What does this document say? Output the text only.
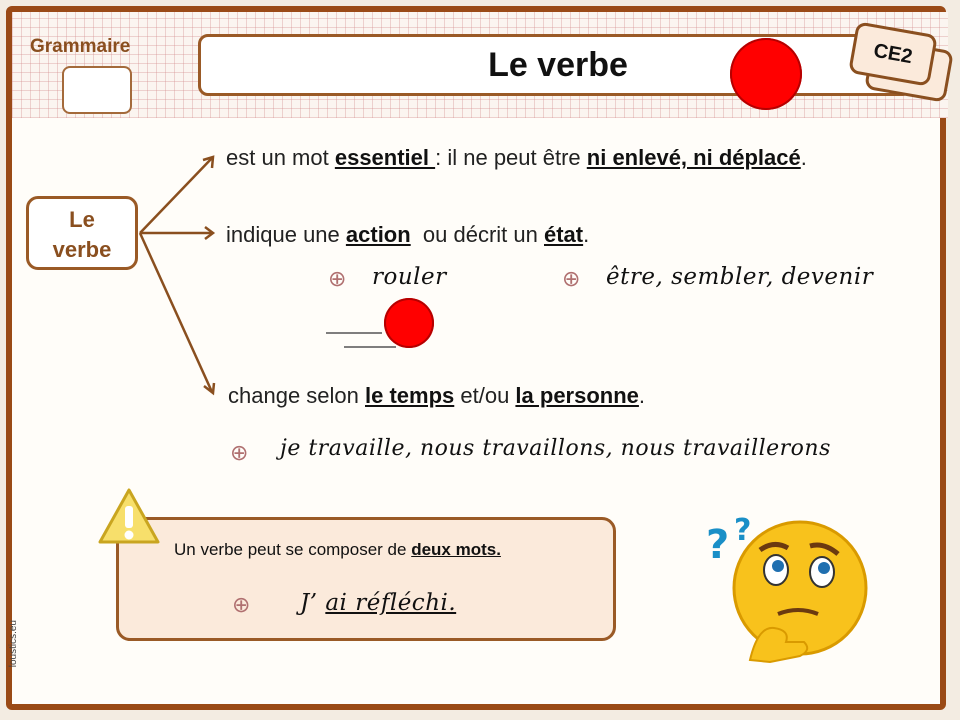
Grammaire	Le verbe	CE2
Le
verbe
est un mot essentiel : il ne peut être ni enlevé, ni déplacé.
indique une action  ou décrit un état.
⊕ rouler	⊕ être, sembler, devenir
change selon le temps et/ou la personne.
⊕ je travaille, nous travaillons, nous travaillerons
Un verbe peut se composer de deux mots.
⊕ J’ ai réfléchi.
? ?
loustics.eu
